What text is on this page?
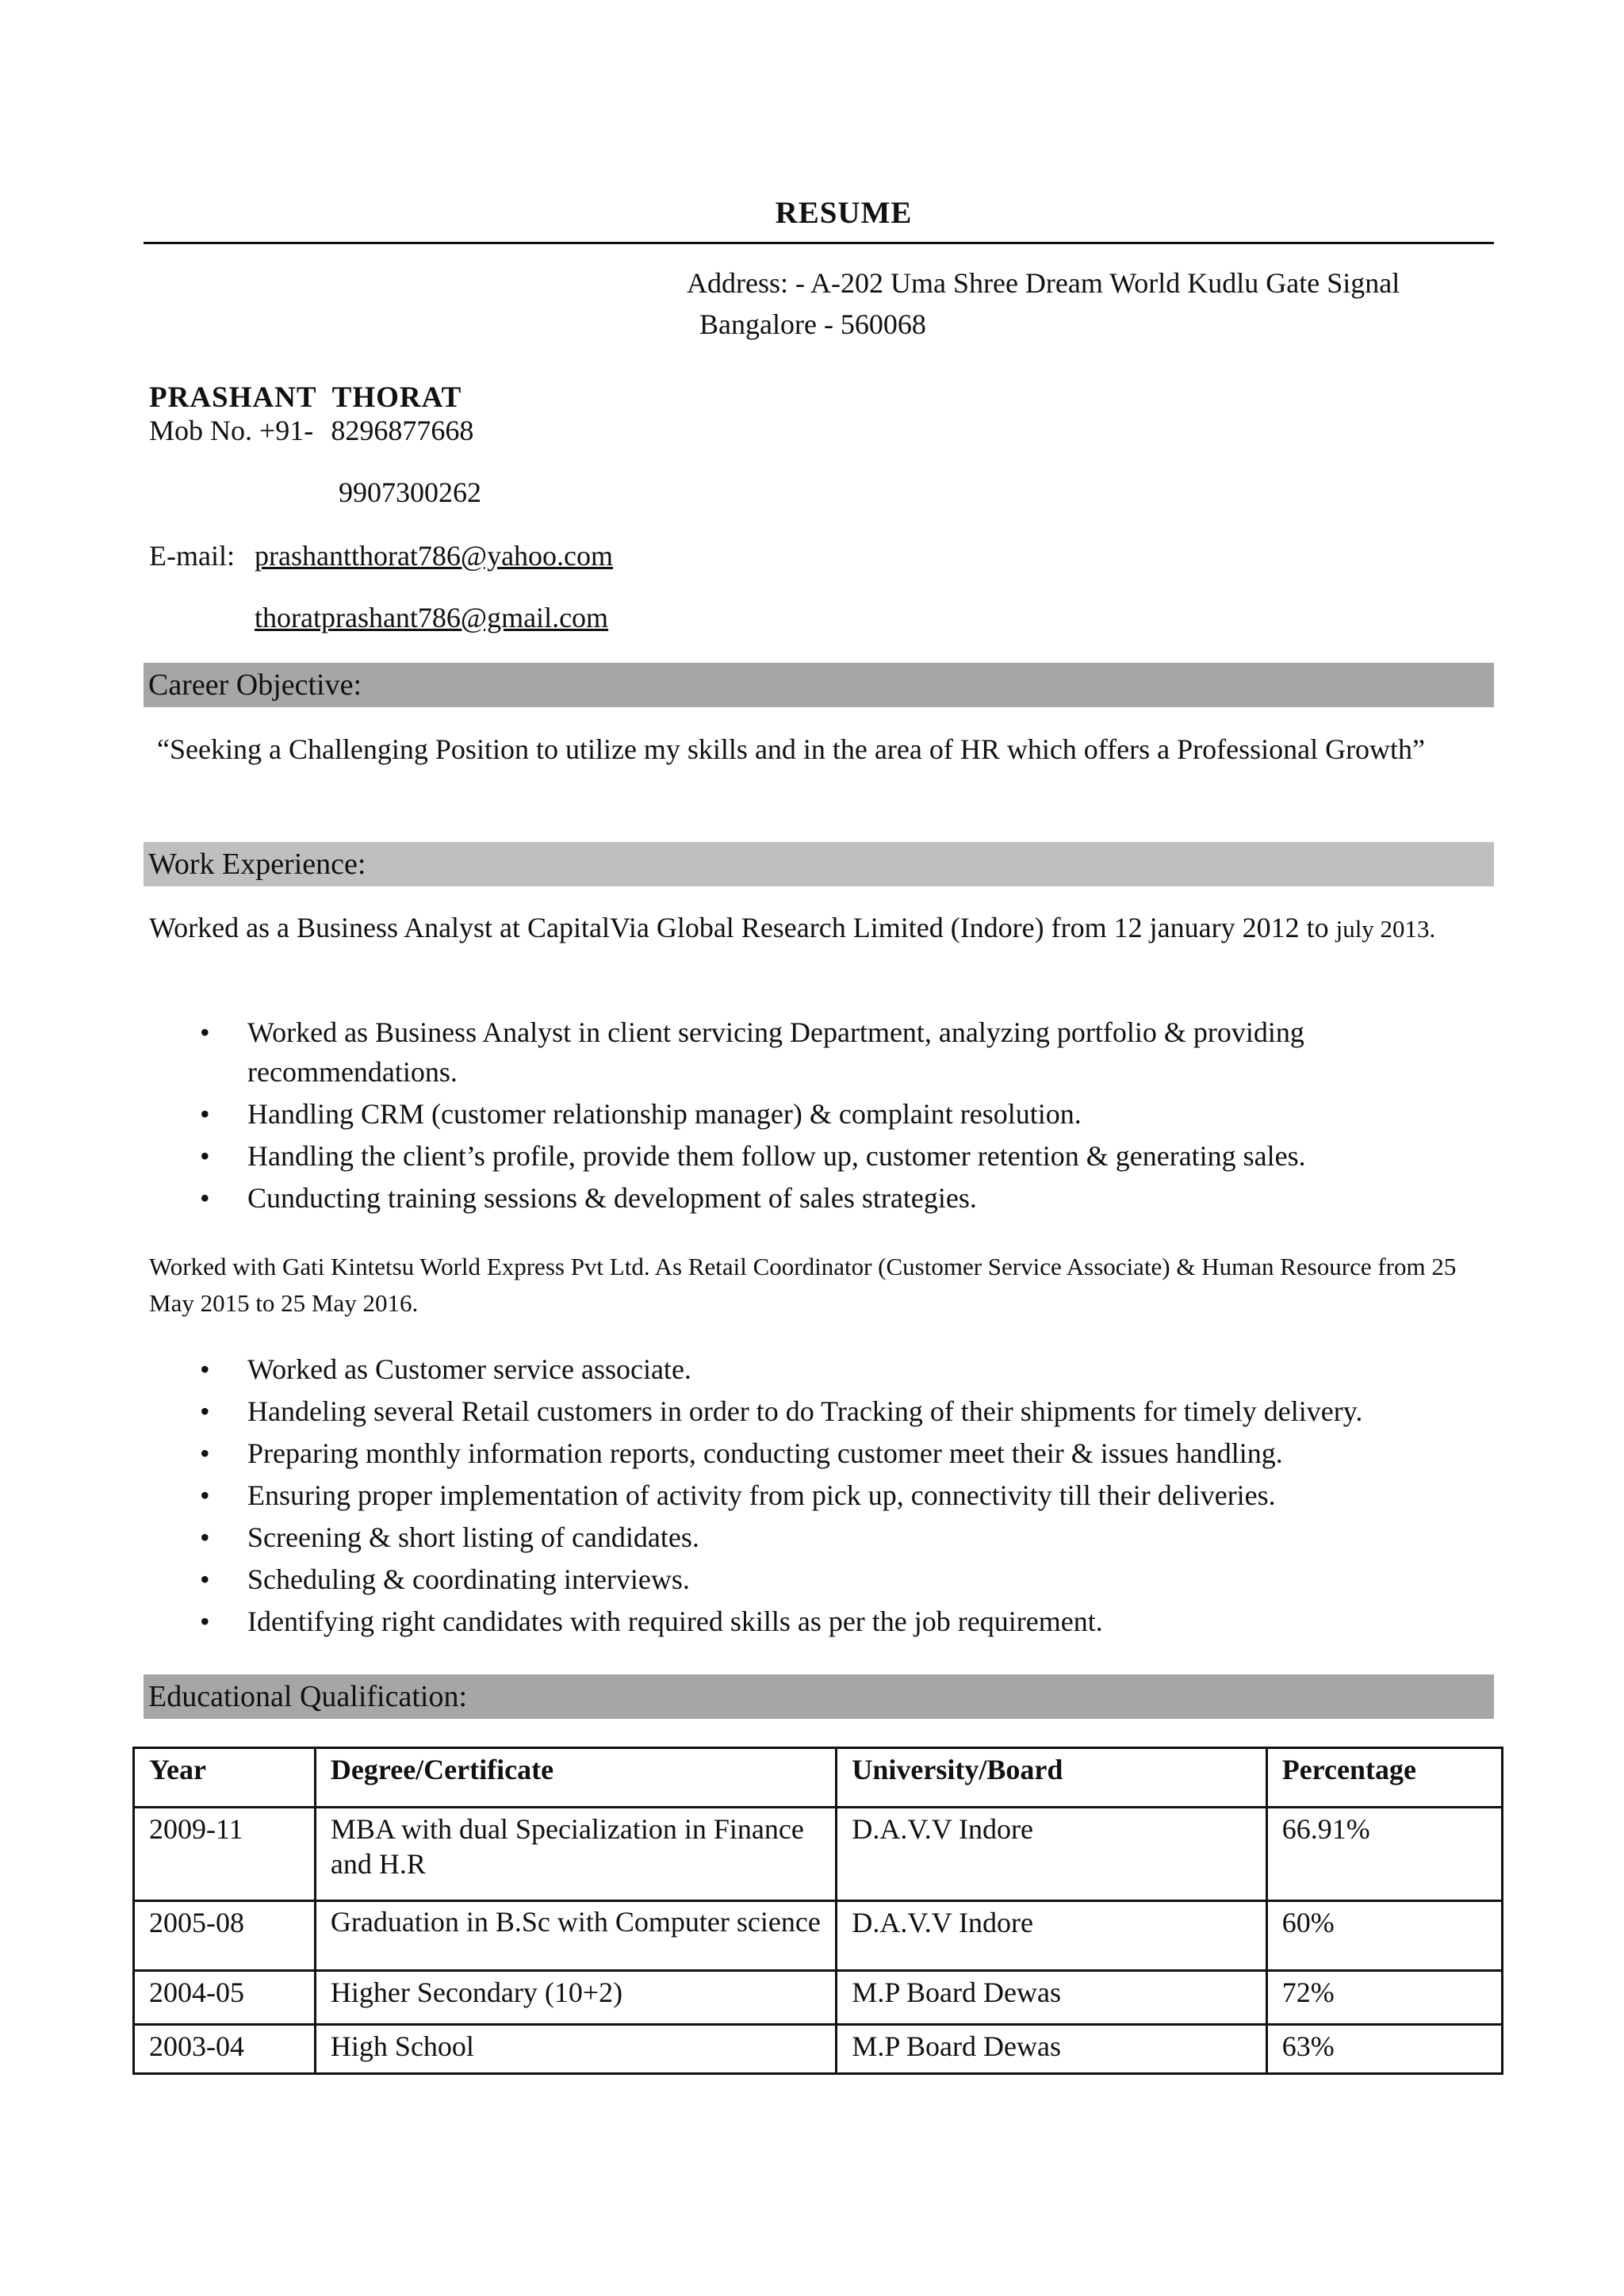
RESUME
Address: - A-202 Uma Shree Dream World Kudlu Gate Signal
Bangalore - 560068
PRASHANT  THORAT
Mob No. +91- 8296877668
9907300262
E-mail: prashantthorat786@yahoo.com
thoratprashant786@gmail.com
Career Objective:
“Seeking a Challenging Position to utilize my skills and in the area of HR which offers a Professional Growth”
Work Experience:
Worked as a Business Analyst at CapitalVia Global Research Limited (Indore) from 12 january 2012 to july 2013.
• Worked as Business Analyst in client servicing Department, analyzing portfolio & providing recommendations.
• Handling CRM (customer relationship manager) & complaint resolution.
• Handling the client’s profile, provide them follow up, customer retention & generating sales.
• Cunducting training sessions & development of sales strategies.
Worked with Gati Kintetsu World Express Pvt Ltd. As Retail Coordinator (Customer Service Associate) & Human Resource from 25 May 2015 to 25 May 2016.
• Worked as Customer service associate.
• Handeling several Retail customers in order to do Tracking of their shipments for timely delivery.
• Preparing monthly information reports, conducting customer meet their & issues handling.
• Ensuring proper implementation of activity from pick up, connectivity till their deliveries.
• Screening & short listing of candidates.
• Scheduling & coordinating interviews.
• Identifying right candidates with required skills as per the job requirement.
Educational Qualification:
Year	Degree/Certificate	University/Board	Percentage
2009-11	MBA with dual Specialization in Finance and H.R	D.A.V.V Indore	66.91%
2005-08	Graduation in B.Sc with Computer science	D.A.V.V Indore	60%
2004-05	Higher Secondary (10+2)	M.P Board Dewas	72%
2003-04	High School	M.P Board Dewas	63%
